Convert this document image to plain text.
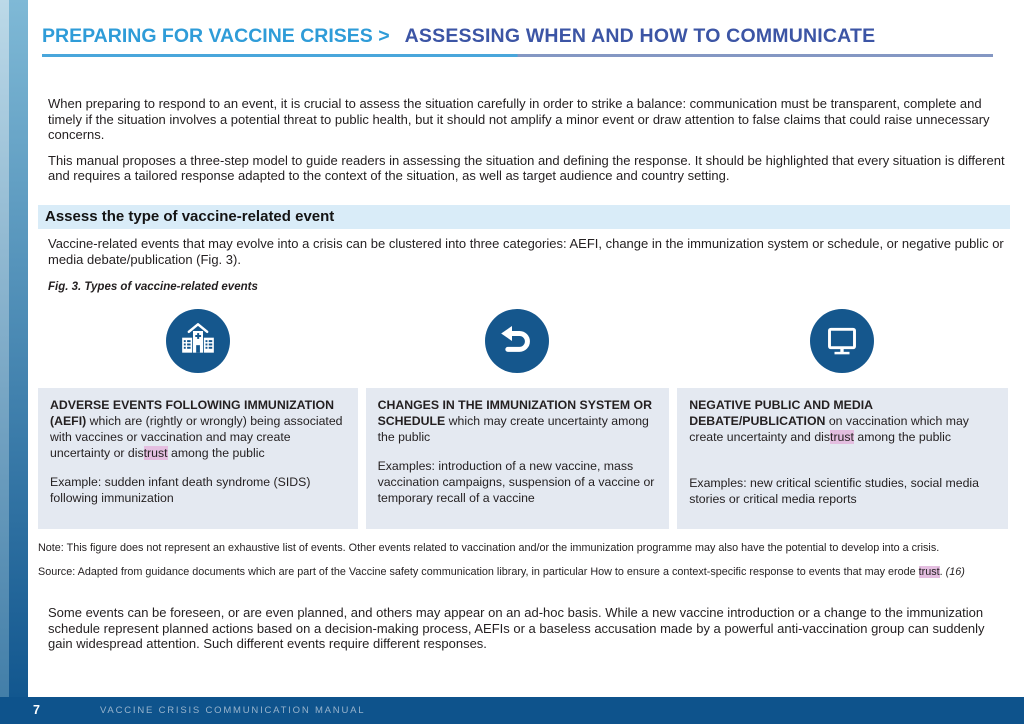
PREPARING FOR VACCINE CRISES > ASSESSING WHEN AND HOW TO COMMUNICATE

When preparing to respond to an event, it is crucial to assess the situation carefully in order to strike a balance: communication must be transparent, complete and timely if the situation involves a potential threat to public health, but it should not amplify a minor event or draw attention to false claims that could raise unnecessary concerns.

This manual proposes a three-step model to guide readers in assessing the situation and defining the response. It should be highlighted that every situation is different and requires a tailored response adapted to the context of the situation, as well as target audience and country setting.

Assess the type of vaccine-related event

Vaccine-related events that may evolve into a crisis can be clustered into three categories: AEFI, change in the immunization system or schedule, or negative public or media debate/publication (Fig. 3).

Fig. 3. Types of vaccine-related events

ADVERSE EVENTS FOLLOWING IMMUNIZATION (AEFI) which are (rightly or wrongly) being associated with vaccines or vaccination and may create uncertainty or distrust among the public
Example: sudden infant death syndrome (SIDS) following immunization
CHANGES IN THE IMMUNIZATION SYSTEM OR SCHEDULE which may create uncertainty among the public
Examples: introduction of a new vaccine, mass vaccination campaigns, suspension of a vaccine or temporary recall of a vaccine
NEGATIVE PUBLIC AND MEDIA DEBATE/PUBLICATION on vaccination which may create uncertainty and distrust among the public
Examples: new critical scientific studies, social media stories or critical media reports

Note: This figure does not represent an exhaustive list of events. Other events related to vaccination and/or the immunization programme may also have the potential to develop into a crisis.

Source: Adapted from guidance documents which are part of the Vaccine safety communication library, in particular How to ensure a context-specific response to events that may erode trust. (16)

Some events can be foreseen, or are even planned, and others may appear on an ad-hoc basis. While a new vaccine introduction or a change to the immunization schedule represent planned actions based on a decision-making process, AEFIs or a baseless accusation made by a powerful anti-vaccination group can suddenly gain widespread attention. Such different events require different responses.

7	VACCINE CRISIS COMMUNICATION MANUAL
